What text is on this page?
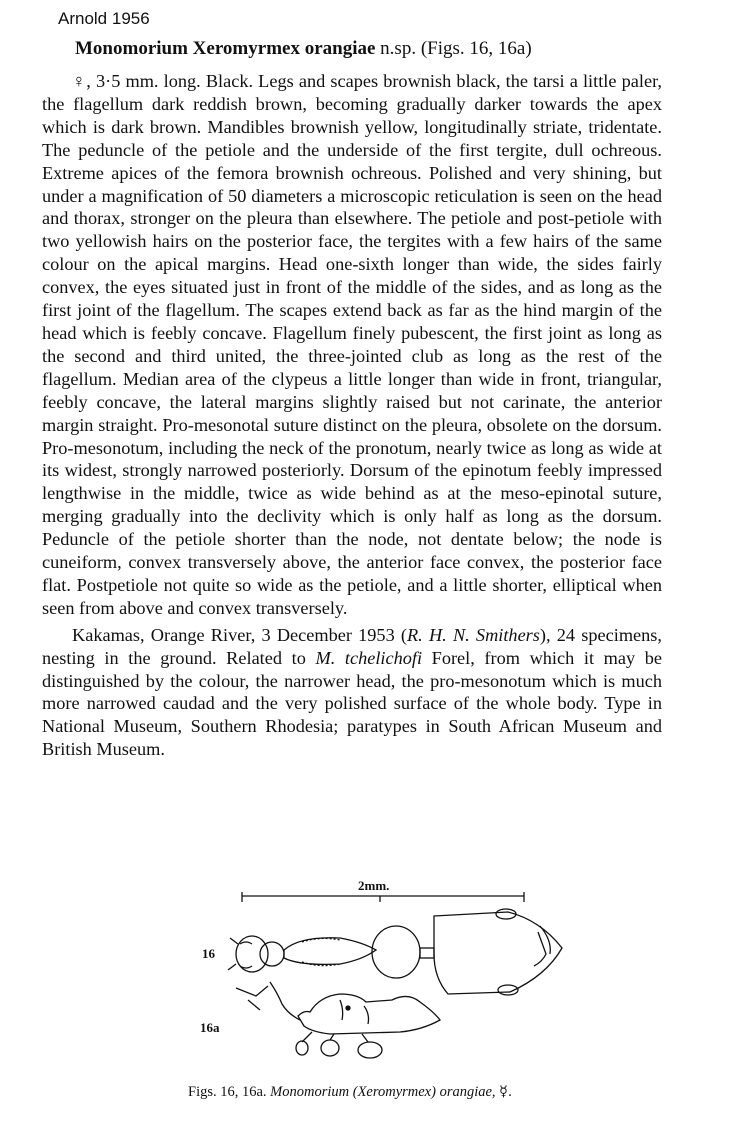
Arnold 1956
Monomorium Xeromyrmex orangiae n.sp. (Figs. 16, 16a)

♀, 3·5 mm. long. Black. Legs and scapes brownish black, the tarsi a little paler, the flagellum dark reddish brown, becoming gradually darker towards the apex which is dark brown. Mandibles brownish yellow, longitudinally striate, tridentate. The peduncle of the petiole and the underside of the first tergite, dull ochreous. Extreme apices of the femora brownish ochreous. Polished and very shining, but under a magnification of 50 diameters a microscopic reticulation is seen on the head and thorax, stronger on the pleura than elsewhere. The petiole and post-petiole with two yellowish hairs on the posterior face, the tergites with a few hairs of the same colour on the apical margins. Head one-sixth longer than wide, the sides fairly convex, the eyes situated just in front of the middle of the sides, and as long as the first joint of the flagellum. The scapes extend back as far as the hind margin of the head which is feebly concave. Flagellum finely pubescent, the first joint as long as the second and third united, the three-jointed club as long as the rest of the flagellum. Median area of the clypeus a little longer than wide in front, triangular, feebly concave, the lateral margins slightly raised but not carinate, the anterior margin straight. Pro-mesonotal suture distinct on the pleura, obsolete on the dorsum. Pro-mesonotum, including the neck of the pronotum, nearly twice as long as wide at its widest, strongly narrowed posteriorly. Dorsum of the epinotum feebly impressed lengthwise in the middle, twice as wide behind as at the meso-epinotal suture, merging gradually into the declivity which is only half as long as the dorsum. Peduncle of the petiole shorter than the node, not dentate below; the node is cuneiform, convex transversely above, the anterior face convex, the posterior face flat. Postpetiole not quite so wide as the petiole, and a little shorter, elliptical when seen from above and convex transversely.

Kakamas, Orange River, 3 December 1953 (R. H. N. Smithers), 24 specimens, nesting in the ground. Related to M. tchelichofi Forel, from which it may be distinguished by the colour, the narrower head, the pro-mesonotum which is much more narrowed caudad and the very polished surface of the whole body. Type in National Museum, Southern Rhodesia; paratypes in South African Museum and British Museum.

2mm.
16
16a
Figs. 16, 16a. Monomorium (Xeromyrmex) orangiae, ☿.
